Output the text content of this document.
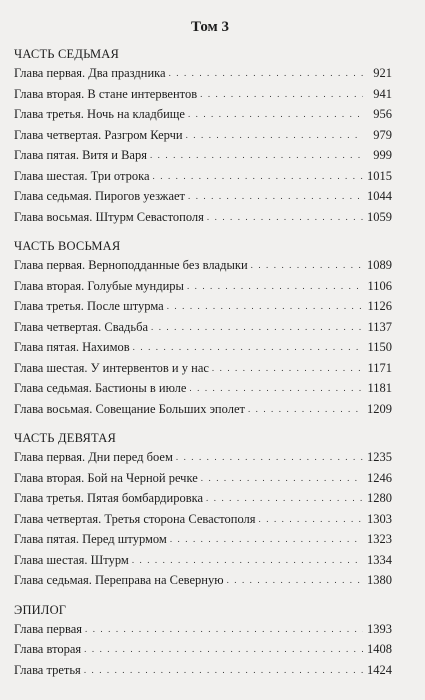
Том 3
ЧАСТЬ СЕДЬМАЯ
Глава первая. Два праздника . . .	921
Глава вторая. В стане интервентов . . .	941
Глава третья. Ночь на кладбище . . .	956
Глава четвертая. Разгром Керчи . . .	979
Глава пятая. Витя и Варя . . .	999
Глава шестая. Три отрока . . .	1015
Глава седьмая. Пирогов уезжает . . .	1044
Глава восьмая. Штурм Севастополя . . .	1059
ЧАСТЬ ВОСЬМАЯ
Глава первая. Верноподданные без владыки . . .	1089
Глава вторая. Голубые мундиры . . .	1106
Глава третья. После штурма . . .	1126
Глава четвертая. Свадьба . . .	1137
Глава пятая. Нахимов . . .	1150
Глава шестая. У интервентов и у нас . . .	1171
Глава седьмая. Бастионы в июле . . .	1181
Глава восьмая. Совещание Больших эполет . . .	1209
ЧАСТЬ ДЕВЯТАЯ
Глава первая. Дни перед боем . . .	1235
Глава вторая. Бой на Черной речке . . .	1246
Глава третья. Пятая бомбардировка . . .	1280
Глава четвертая. Третья сторона Севастополя . . .	1303
Глава пятая. Перед штурмом . . .	1323
Глава шестая. Штурм . . .	1334
Глава седьмая. Переправа на Северную . . .	1380
ЭПИЛОГ
Глава первая . . .	1393
Глава вторая . . .	1408
Глава третья . . .	1424
